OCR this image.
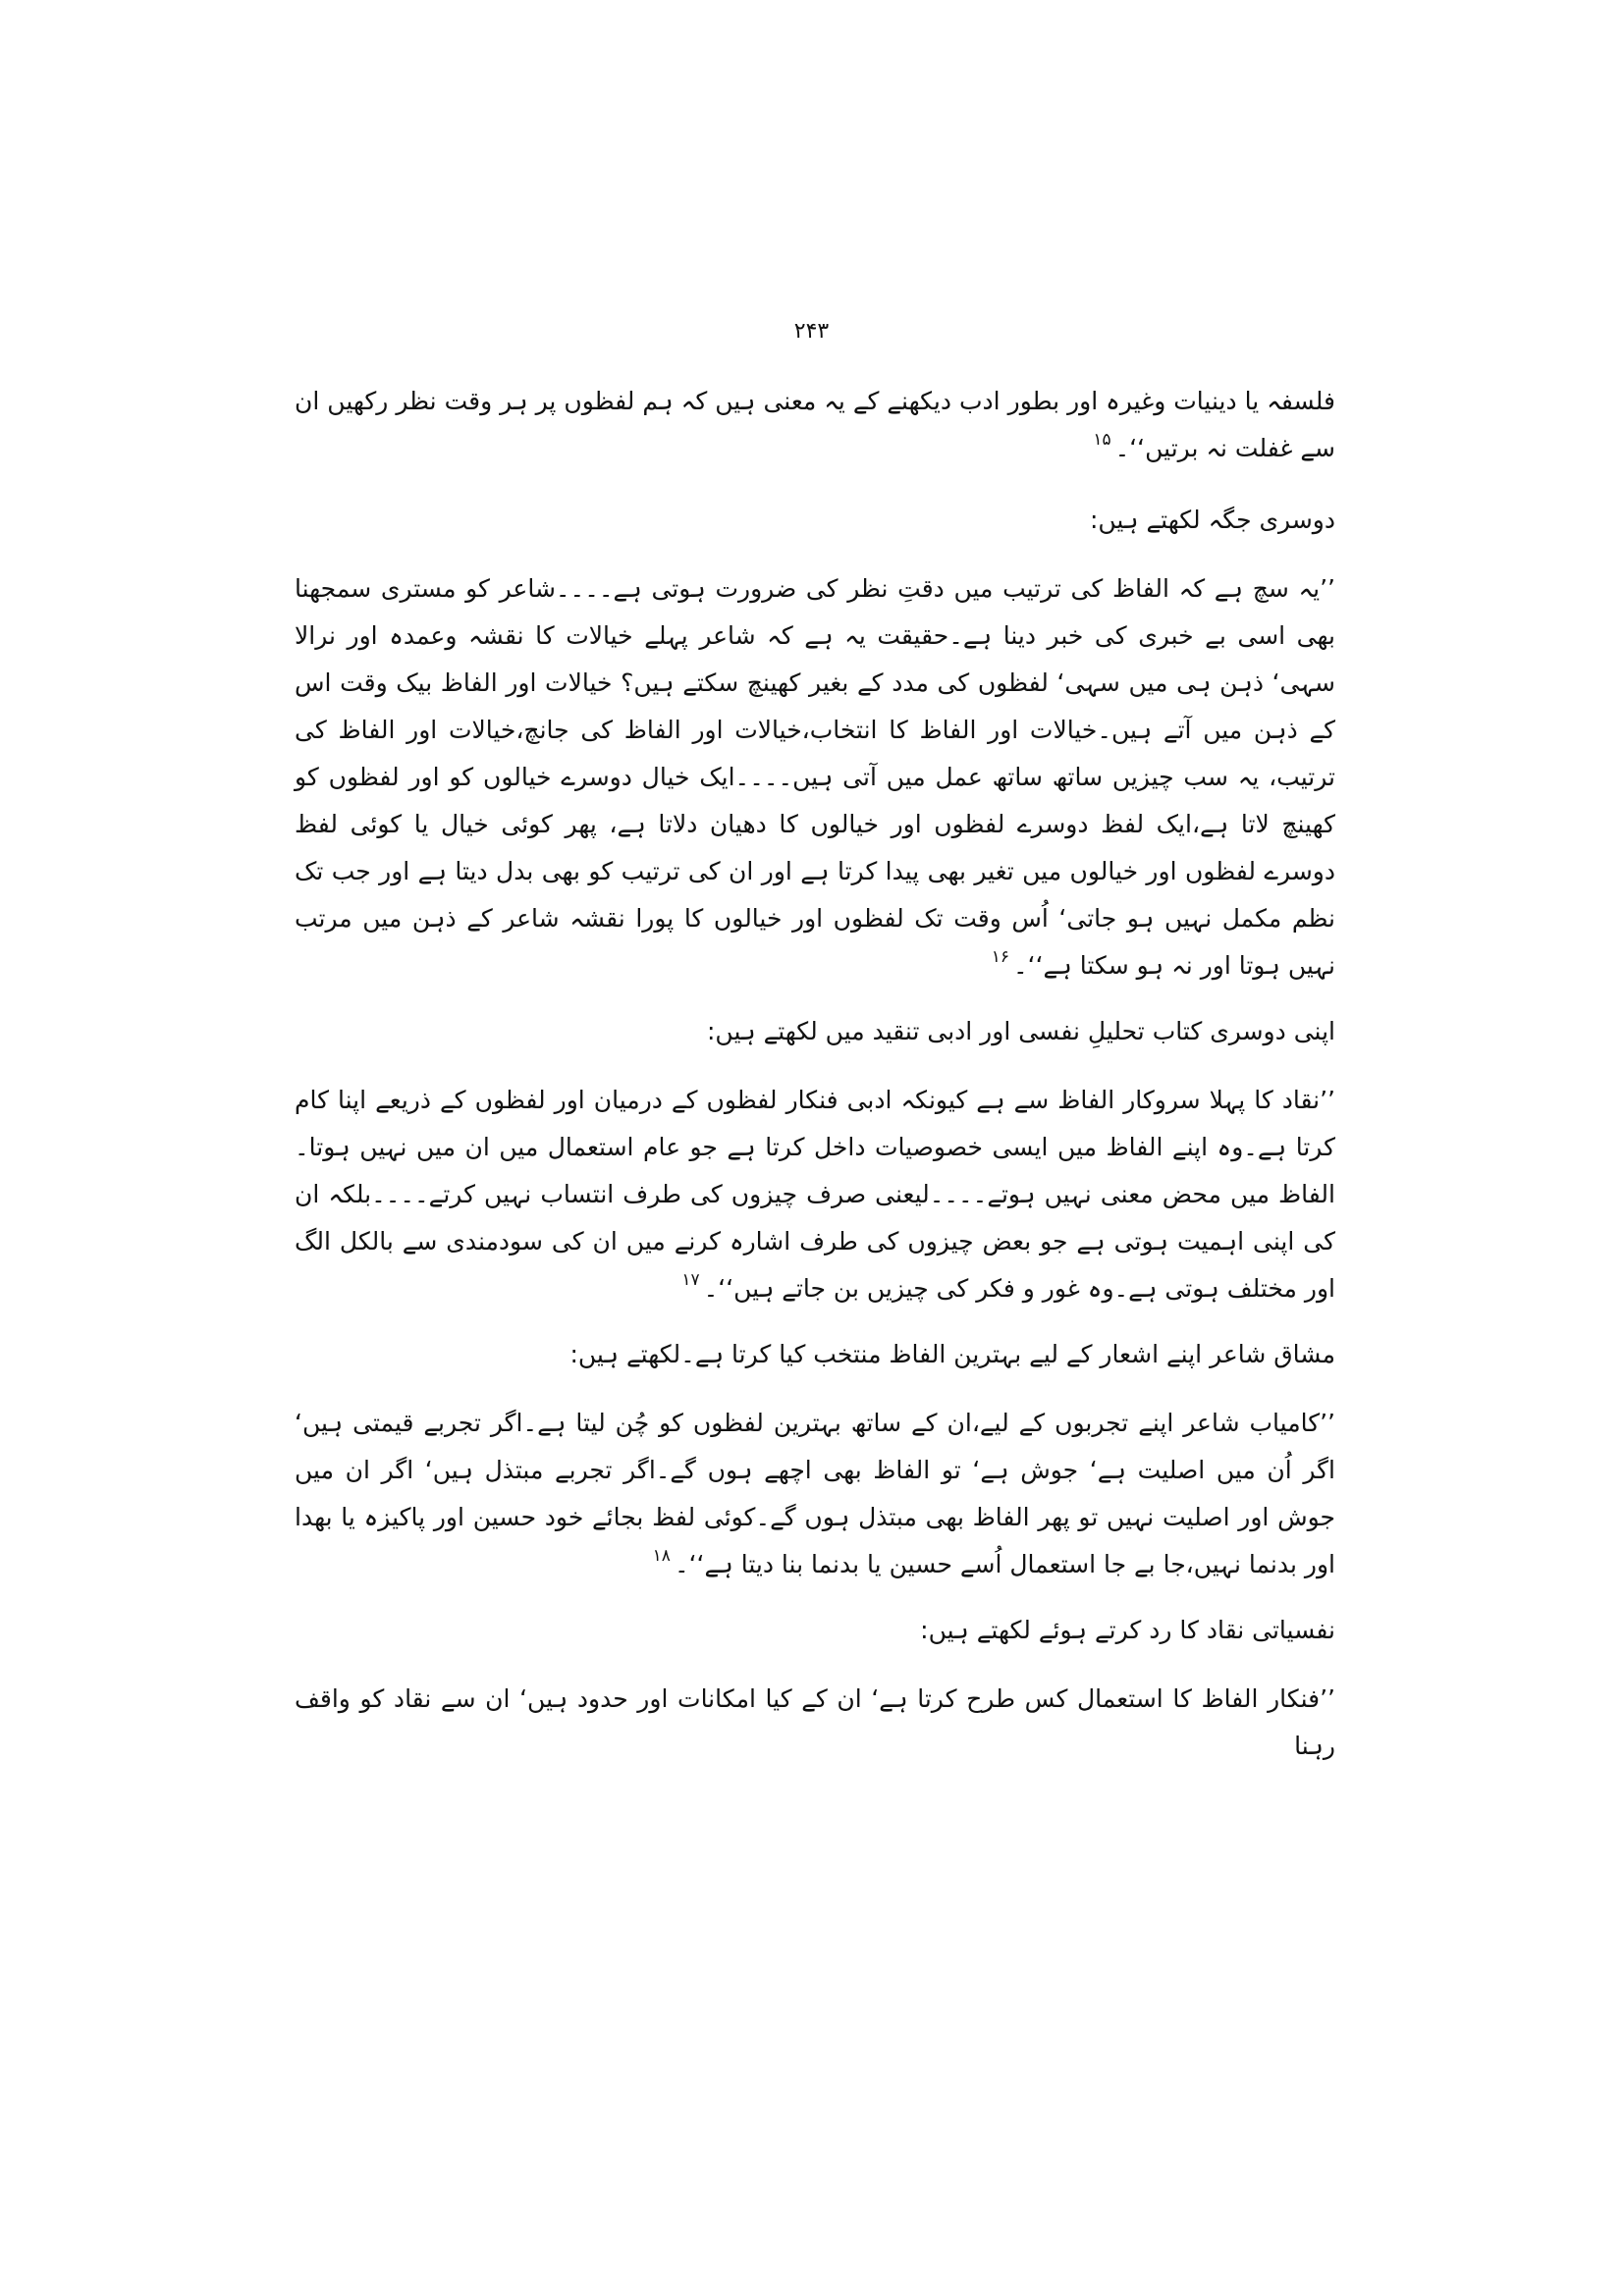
۲۴۳

فلسفہ یا دینیات وغیرہ اور بطور ادب دیکھنے کے یہ معنی ہیں کہ ہم لفظوں پر ہر وقت نظر رکھیں ان سے غفلت نہ برتیں‘‘۔$^{۱۵}$

دوسری جگہ لکھتے ہیں:

’’یہ سچ ہے کہ الفاظ کی ترتیب میں دقتِ نظر کی ضرورت ہوتی ہے۔۔۔۔شاعر کو مستری سمجھنا بھی اسی بے خبری کی خبر دینا ہے۔حقیقت یہ ہے کہ شاعر پہلے خیالات کا نقشہ وعمدہ اور نرالا سہی‘ ذہن ہی میں سہی‘ لفظوں کی مدد کے بغیر کھینچ سکتے ہیں؟ خیالات اور الفاظ بیک وقت اس کے ذہن میں آتے ہیں۔خیالات اور الفاظ کا انتخاب،خیالات اور الفاظ کی جانچ،خیالات اور الفاظ کی ترتیب، یہ سب چیزیں ساتھ ساتھ عمل میں آتی ہیں۔۔۔۔ایک خیال دوسرے خیالوں کو اور لفظوں کو کھینچ لاتا ہے،ایک لفظ دوسرے لفظوں اور خیالوں کا دھیان دلاتا ہے، پھر کوئی خیال یا کوئی لفظ دوسرے لفظوں اور خیالوں میں تغیر بھی پیدا کرتا ہے اور ان کی ترتیب کو بھی بدل دیتا ہے اور جب تک نظم مکمل نہیں ہو جاتی‘ اُس وقت تک لفظوں اور خیالوں کا پورا نقشہ شاعر کے ذہن میں مرتب نہیں ہوتا اور نہ ہو سکتا ہے‘‘۔$^{۱۶}$

اپنی دوسری کتاب تحلیلِ نفسی اور ادبی تنقید میں لکھتے ہیں:

’’نقاد کا پہلا سروکار الفاظ سے ہے کیونکہ ادبی فنکار لفظوں کے درمیان اور لفظوں کے ذریعے اپنا کام کرتا ہے۔وہ اپنے الفاظ میں ایسی خصوصیات داخل کرتا ہے جو عام استعمال میں ان میں نہیں ہوتا۔الفاظ میں محض معنی نہیں ہوتے۔۔۔۔لیعنی صرف چیزوں کی طرف انتساب نہیں کرتے۔۔۔۔بلکہ ان کی اپنی اہمیت ہوتی ہے جو بعض چیزوں کی طرف اشارہ کرنے میں ان کی سودمندی سے بالکل الگ اور مختلف ہوتی ہے۔وہ غور و فکر کی چیزیں بن جاتے ہیں‘‘۔$^{۱۷}$

مشاق شاعر اپنے اشعار کے لیے بہترین الفاظ منتخب کیا کرتا ہے۔لکھتے ہیں:

’’کامیاب شاعر اپنے تجربوں کے لیے،ان کے ساتھ بہترین لفظوں کو چُن لیتا ہے۔اگر تجربے قیمتی ہیں‘ اگر اُن میں اصلیت ہے‘ جوش ہے‘ تو الفاظ بھی اچھے ہوں گے۔اگر تجربے مبتذل ہیں‘ اگر ان میں جوش اور اصلیت نہیں تو پھر الفاظ بھی مبتذل ہوں گے۔کوئی لفظ بجائے خود حسین اور پاکیزہ یا بھدا اور بدنما نہیں،جا بے جا استعمال اُسے حسین یا بدنما بنا دیتا ہے‘‘۔$^{۱۸}$

نفسیاتی نقاد کا رد کرتے ہوئے لکھتے ہیں:

’’فنکار الفاظ کا استعمال کس طرح کرتا ہے‘ ان کے کیا امکانات اور حدود ہیں‘ ان سے نقاد کو واقف رہنا
